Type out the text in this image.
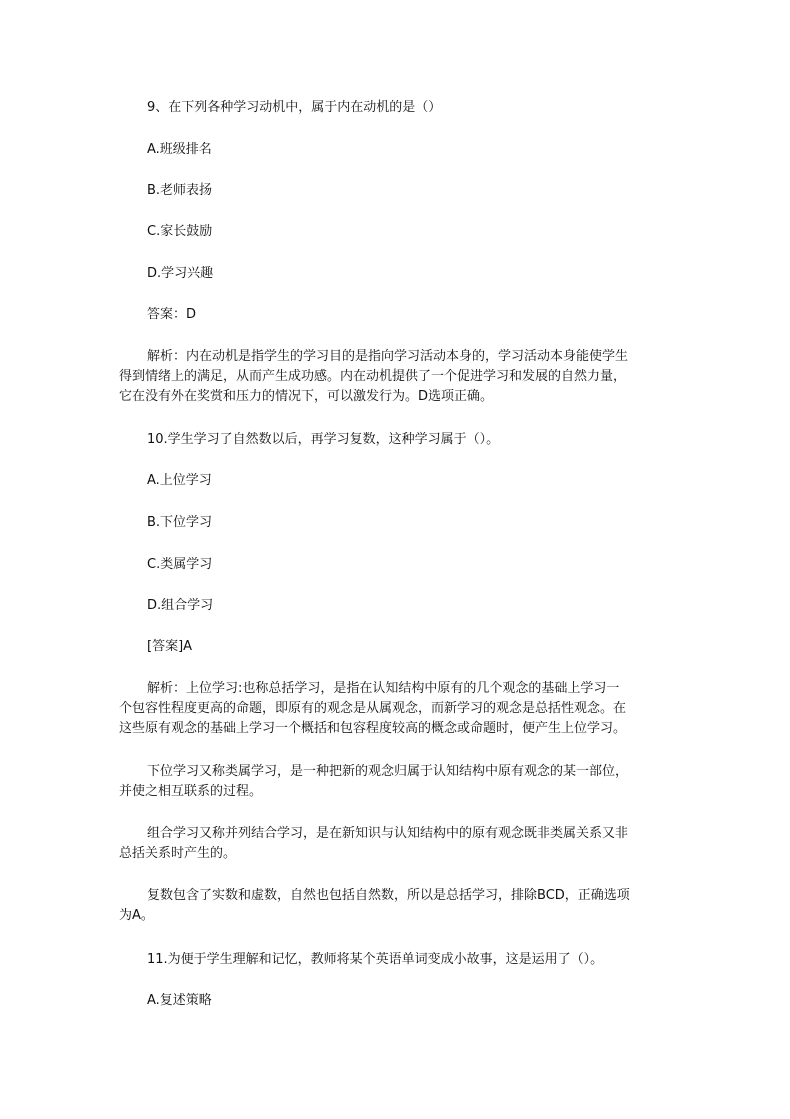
9、在下列各种学习动机中，属于内在动机的是（）
A.班级排名
B.老师表扬
C.家长鼓励
D.学习兴趣
答案：D
解析：内在动机是指学生的学习目的是指向学习活动本身的，学习活动本身能使学生
得到情绪上的满足，从而产生成功感。内在动机提供了一个促进学习和发展的自然力量，
它在没有外在奖赏和压力的情况下，可以激发行为。D选项正确。
10.学生学习了自然数以后，再学习复数，这种学习属于（）。
A.上位学习
B.下位学习
C.类属学习
D.组合学习
[答案]A
解析：上位学习:也称总括学习，是指在认知结构中原有的几个观念的基础上学习一
个包容性程度更高的命题，即原有的观念是从属观念，而新学习的观念是总括性观念。在
这些原有观念的基础上学习一个概括和包容程度较高的概念或命题时，便产生上位学习。
下位学习又称类属学习，是一种把新的观念归属于认知结构中原有观念的某一部位，
并使之相互联系的过程。
组合学习又称并列结合学习，是在新知识与认知结构中的原有观念既非类属关系又非
总括关系时产生的。
复数包含了实数和虚数，自然也包括自然数，所以是总括学习，排除BCD，正确选项
为A。
11.为便于学生理解和记忆，教师将某个英语单词变成小故事，这是运用了（）。
A.复述策略
